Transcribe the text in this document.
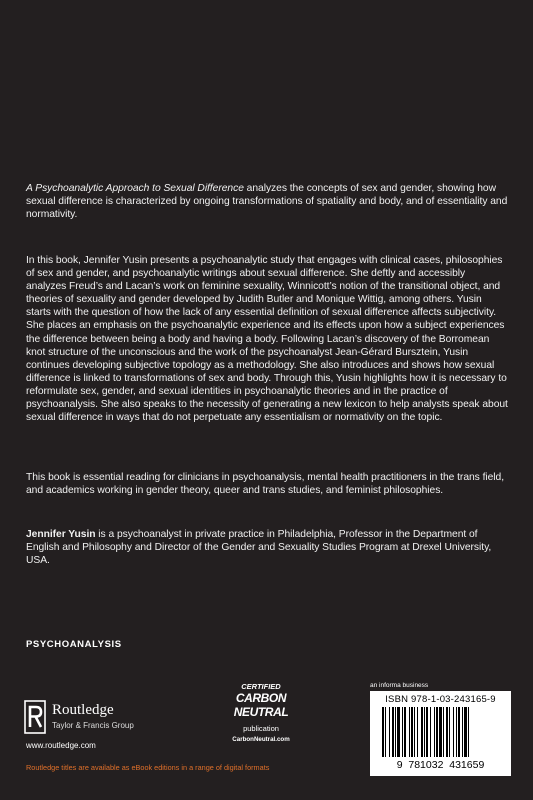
A Psychoanalytic Approach to Sexual Difference analyzes the concepts of sex and gender, showing how sexual difference is characterized by ongoing transformations of spatiality and body, and of essentiality and normativity.

In this book, Jennifer Yusin presents a psychoanalytic study that engages with clinical cases, philosophies of sex and gender, and psychoanalytic writings about sexual difference. She deftly and accessibly analyzes Freud’s and Lacan’s work on feminine sexuality, Winnicott’s notion of the transitional object, and theories of sexuality and gender developed by Judith Butler and Monique Wittig, among others. Yusin starts with the question of how the lack of any essential definition of sexual difference affects subjectivity. She places an emphasis on the psychoanalytic experience and its effects upon how a subject experiences the difference between being a body and having a body. Following Lacan’s discovery of the Borromean knot structure of the unconscious and the work of the psychoanalyst Jean-Gérard Bursztein, Yusin continues developing subjective topology as a methodology. She also introduces and shows how sexual difference is linked to transformations of sex and body. Through this, Yusin highlights how it is necessary to reformulate sex, gender, and sexual identities in psychoanalytic theories and in the practice of psychoanalysis. She also speaks to the necessity of generating a new lexicon to help analysts speak about sexual difference in ways that do not perpetuate any essentialism or normativity on the topic.

This book is essential reading for clinicians in psychoanalysis, mental health practitioners in the trans field, and academics working in gender theory, queer and trans studies, and feminist philosophies.

Jennifer Yusin is a psychoanalyst in private practice in Philadelphia, Professor in the Department of English and Philosophy and Director of the Gender and Sexuality Studies Program at Drexel University, USA.

PSYCHOANALYSIS
Routledge
Taylor & Francis Group
www.routledge.com
Routledge titles are available as eBook editions in a range of digital formats
CERTIFIED
CARBON
NEUTRAL
publication
CarbonNeutral.com
an informa business
ISBN 978-1-03-243165-9
9  781032  431659
